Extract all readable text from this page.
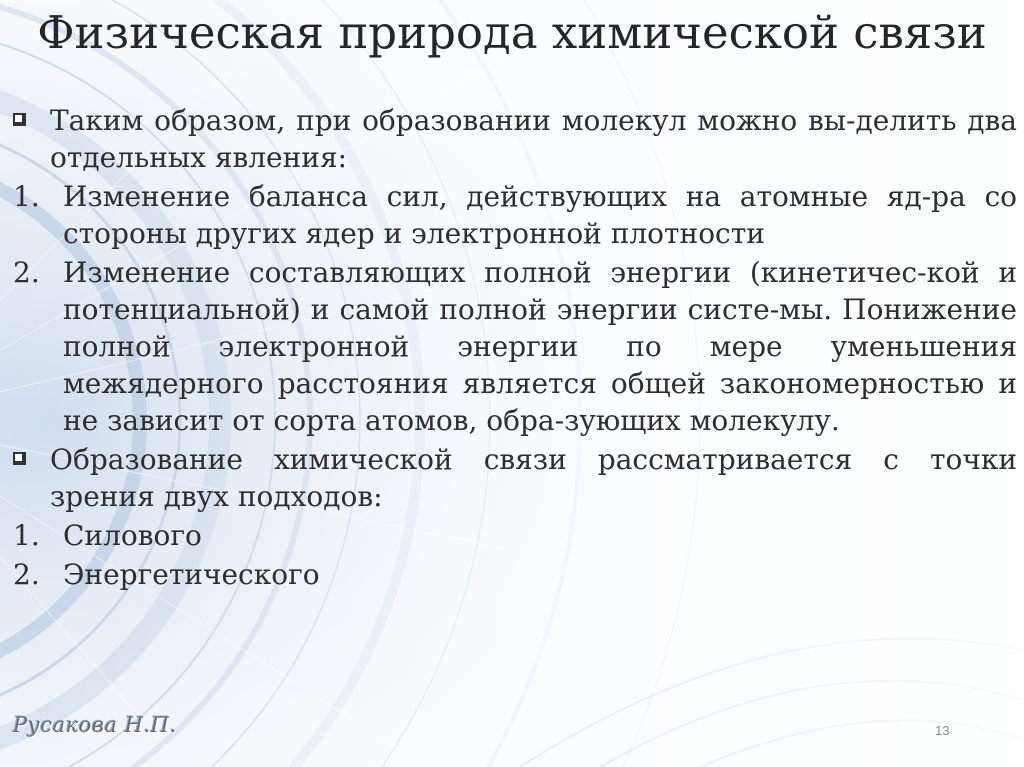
Физическая природа химической связи
Таким образом, при образовании молекул можно вы-делить два отдельных явления:
1. Изменение баланса сил, действующих на атомные яд-ра со стороны других ядер и электронной плотности
2. Изменение составляющих полной энергии (кинетичес-кой и потенциальной) и самой полной энергии систе-мы. Понижение полной электронной энергии по мере уменьшения межядерного расстояния является общей закономерностью и не зависит от сорта атомов, обра-зующих молекулу.
Образование химической связи рассматривается с точки зрения двух подходов:
1. Силового
2. Энергетического
Русакова Н.П.	13
